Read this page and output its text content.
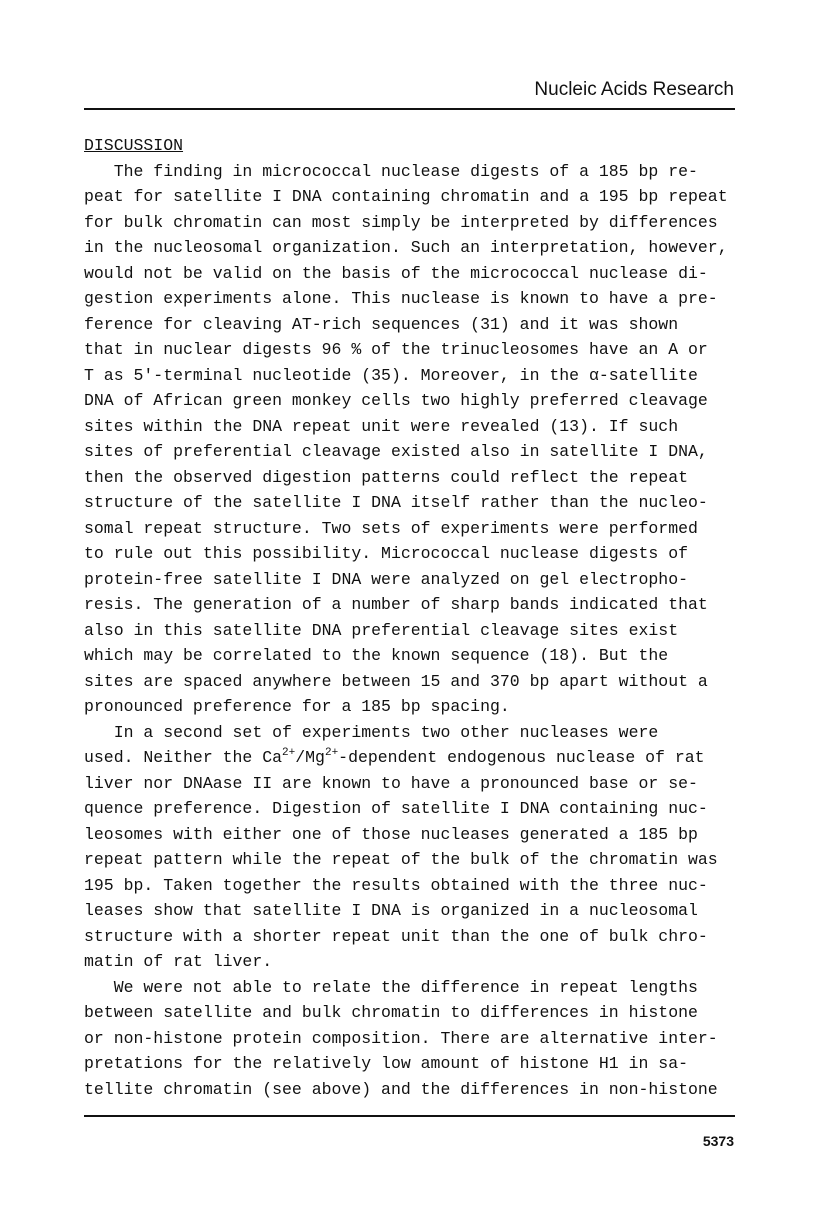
Nucleic Acids Research
DISCUSSION
The finding in micrococcal nuclease digests of a 185 bp re-
peat for satellite I DNA containing chromatin and a 195 bp repeat
for bulk chromatin can most simply be interpreted by differences
in the nucleosomal organization. Such an interpretation, however,
would not be valid on the basis of the micrococcal nuclease di-
gestion experiments alone. This nuclease is known to have a pre-
ference for cleaving AT-rich sequences (31) and it was shown
that in nuclear digests 96 % of the trinucleosomes have an A or
T as 5'-terminal nucleotide (35). Moreover, in the α-satellite
DNA of African green monkey cells two highly preferred cleavage
sites within the DNA repeat unit were revealed (13). If such
sites of preferential cleavage existed also in satellite I DNA,
then the observed digestion patterns could reflect the repeat
structure of the satellite I DNA itself rather than the nucleo-
somal repeat structure. Two sets of experiments were performed
to rule out this possibility. Micrococcal nuclease digests of
protein-free satellite I DNA were analyzed on gel electropho-
resis. The generation of a number of sharp bands indicated that
also in this satellite DNA preferential cleavage sites exist
which may be correlated to the known sequence (18). But the
sites are spaced anywhere between 15 and 370 bp apart without a
pronounced preference for a 185 bp spacing.
In a second set of experiments two other nucleases were
used. Neither the $Ca^{2+}/Mg^{2+}$-dependent endogenous nuclease of rat
liver nor DNAase II are known to have a pronounced base or se-
quence preference. Digestion of satellite I DNA containing nuc-
leosomes with either one of those nucleases generated a 185 bp
repeat pattern while the repeat of the bulk of the chromatin was
195 bp. Taken together the results obtained with the three nuc-
leases show that satellite I DNA is organized in a nucleosomal
structure with a shorter repeat unit than the one of bulk chro-
matin of rat liver.
We were not able to relate the difference in repeat lengths
between satellite and bulk chromatin to differences in histone
or non-histone protein composition. There are alternative inter-
pretations for the relatively low amount of histone H1 in sa-
tellite chromatin (see above) and the differences in non-histone
5373
